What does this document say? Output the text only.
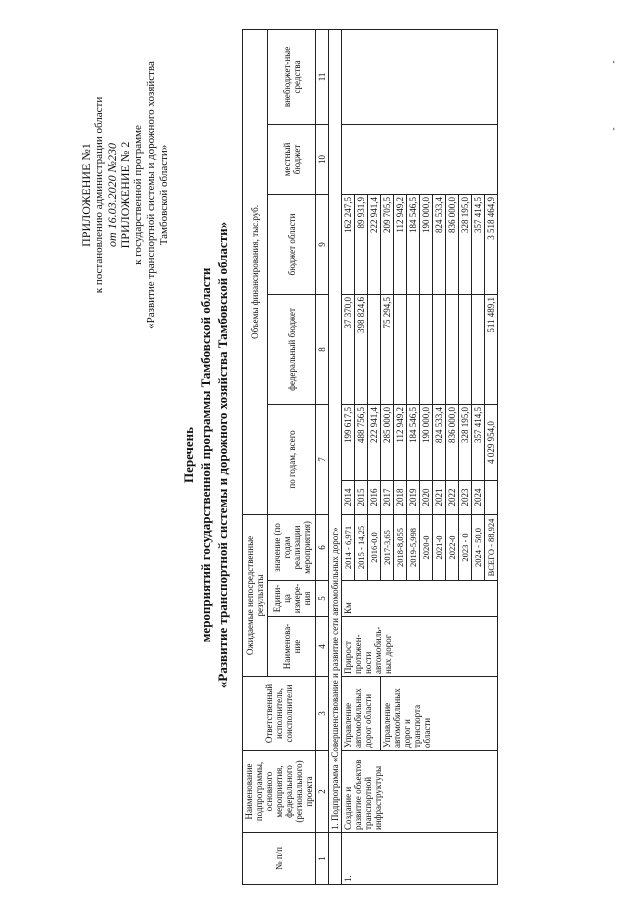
ПРИЛОЖЕНИЕ №1 к постановлению администрации области от 16.03.2020 №230 ПРИЛОЖЕНИЕ № 2 к государственной программе «Развитие транспортной системы и дорожного хозяйства Тамбовской области»
Перечень мероприятий государственной программы Тамбовской области «Развитие транспортной системы и дорожного хозяйства Тамбовской области»
№ п/п	Наименование подпрограммы, основного мероприятия, федерального (регионального) проекта	Ответственный исполнитель, соисполнители	Ожидаемые непосредственные результаты			Объемы финансирования, тыс.руб.					
			Наименова-ние	Едини-ца измере-ния	значение (по годам реализации мероприятия)	по годам, всего		федеральный бюджет	бюджет области	местный бюджет	внебюджет-ные средства
1	2	3	4	5	6	7		8	9	10	11
	1. Подпрограмма «Совершенствование и развитие сети автомобильных дорог»										
1.	Создание и развитие объектов транспортной инфраструктуры	Управление автомобильных дорог области	Прирост протяжен-ности автомобиль-ных дорог	Км	2014 - 6,971	2014	199 617,5	37 370,0	162 247,5		
					2015 - 14,25	2015	488 756,5	398 824,6	89 931,9		
					2016-0,0	2016	222 941,4		222 941,4		
		Управление автомобильных дорог и транспорта области			2017-3,65	2017	285 000,0	75 294,5	209 705,5		
					2018-8,055	2018	112 949,2		112 949,2		
					2019-5,998	2019	184 546,5		184 546,5		
					2020-0	2020	190 000,0		190 000,0		
					2021-0	2021	824 533,4		824 533,4		
					2022-0	2022	836 000,0		836 000,0		
					2023 - 0	2023	328 195,0		328 195,0		
					2024 - 50,0	2024	357 414,5		357 414,5		
					ВСЕГО - 88,924		4 029 954,0	511 489,1	3 518 464,9		
-
-
